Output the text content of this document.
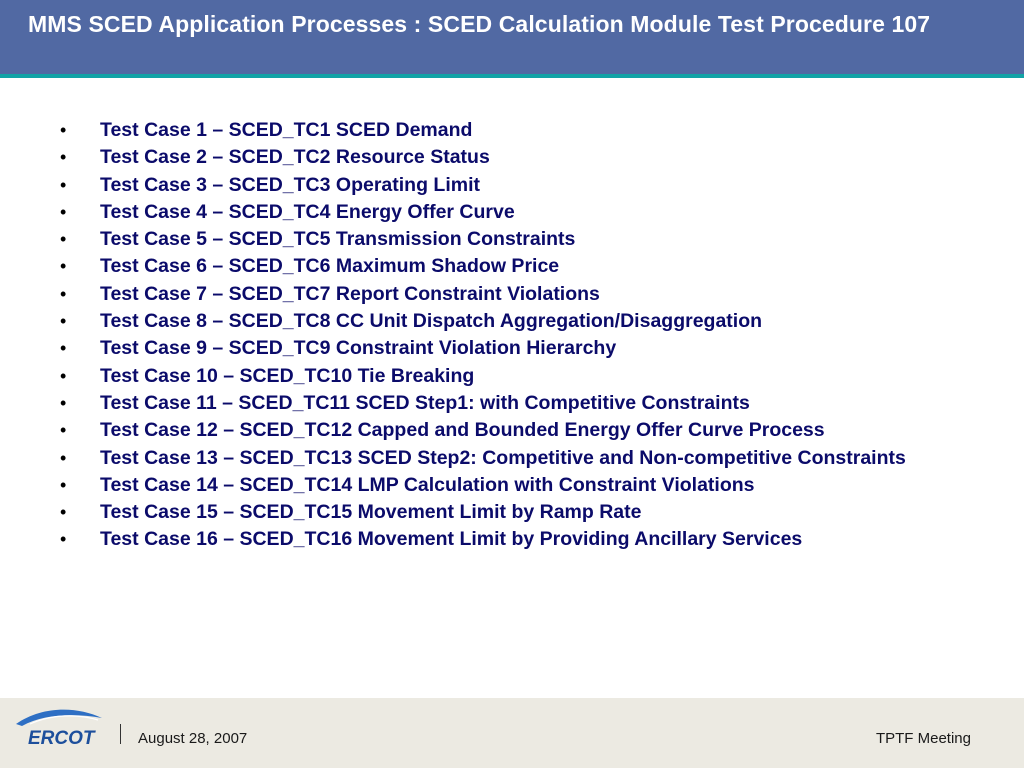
MMS SCED Application Processes : SCED Calculation Module Test Procedure 107
• Test Case 1 – SCED_TC1 SCED Demand
• Test Case 2 – SCED_TC2 Resource Status
• Test Case 3 – SCED_TC3 Operating Limit
• Test Case 4 – SCED_TC4 Energy Offer Curve
• Test Case 5 – SCED_TC5 Transmission Constraints
• Test Case 6 – SCED_TC6 Maximum Shadow Price
• Test Case 7 – SCED_TC7 Report Constraint Violations
• Test Case 8 – SCED_TC8 CC Unit Dispatch Aggregation/Disaggregation
• Test Case 9 – SCED_TC9 Constraint Violation Hierarchy
• Test Case 10 – SCED_TC10 Tie Breaking
• Test Case 11 – SCED_TC11 SCED Step1: with Competitive Constraints
• Test Case 12 – SCED_TC12 Capped and Bounded Energy Offer Curve Process
• Test Case 13 – SCED_TC13 SCED Step2: Competitive and Non-competitive Constraints
• Test Case 14 – SCED_TC14 LMP Calculation with Constraint Violations
• Test Case 15 – SCED_TC15 Movement Limit by Ramp Rate
• Test Case 16 – SCED_TC16 Movement Limit by Providing Ancillary Services
ERCOT	August 28, 2007	TPTF Meeting
